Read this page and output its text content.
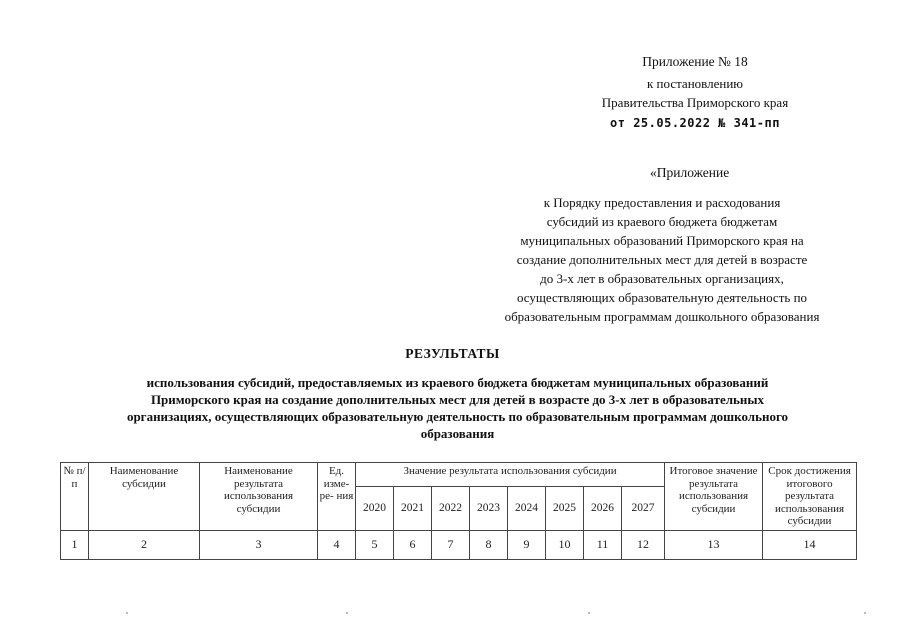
Приложение № 18
к постановлению
Правительства Приморского края
от 25.05.2022 № 341-пп
«Приложение
к Порядку предоставления и расходования
субсидий из краевого бюджета бюджетам
муниципальных образований Приморского края на
создание дополнительных мест для детей в возрасте
до 3-х лет в образовательных организациях,
осуществляющих образовательную деятельность по
образовательным программам дошкольного образования
РЕЗУЛЬТАТЫ
использования субсидий, предоставляемых из краевого бюджета бюджетам муниципальных образований
Приморского края на создание дополнительных мест для детей в возрасте до 3-х лет в образовательных
организациях, осуществляющих образовательную деятельность по образовательным программам дошкольного
образования
№ п/п	Наименование субсидии	Наименование результата использования субсидии	Ед. изме- ре- ния	Значение результата использования субсидии								Итоговое значение результата использования субсидии	Срок достижения итогового результата использования субсидии
				2020	2021	2022	2023	2024	2025	2026	2027		
1	2	3	4	5	6	7	8	9	10	11	12	13	14
